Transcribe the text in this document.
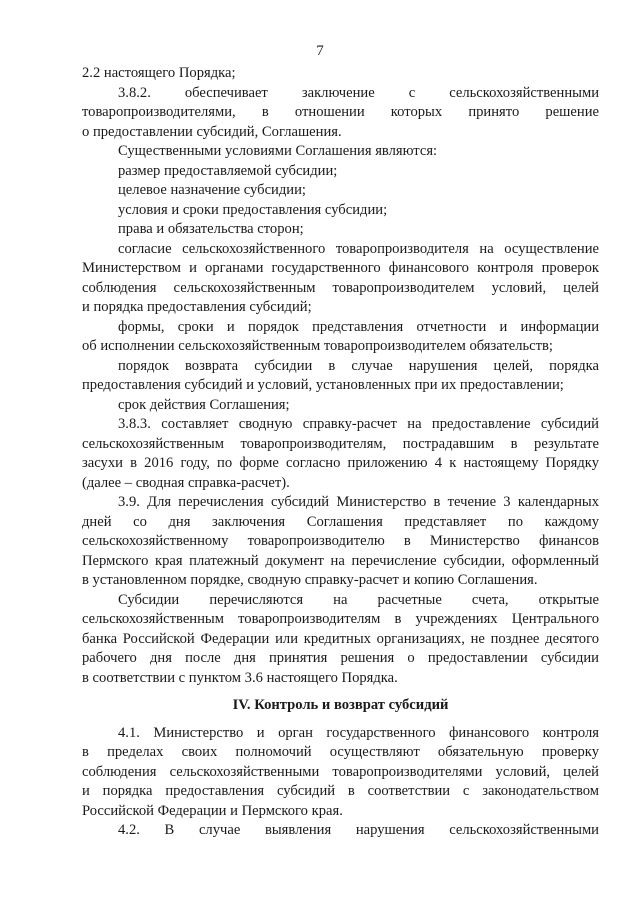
7
2.2 настоящего Порядка;
3.8.2. обеспечивает заключение с сельскохозяйственными
товаропроизводителями, в отношении которых принято решение
о предоставлении субсидий, Соглашения.
Существенными условиями Соглашения являются:
размер предоставляемой субсидии;
целевое назначение субсидии;
условия и сроки предоставления субсидии;
права и обязательства сторон;
согласие сельскохозяйственного товаропроизводителя на осуществление
Министерством и органами государственного финансового контроля проверок
соблюдения сельскохозяйственным товаропроизводителем условий, целей
и порядка предоставления субсидий;
формы, сроки и порядок представления отчетности и информации
об исполнении сельскохозяйственным товаропроизводителем обязательств;
порядок возврата субсидии в случае нарушения целей, порядка
предоставления субсидий и условий, установленных при их предоставлении;
срок действия Соглашения;
3.8.3. составляет сводную справку-расчет на предоставление субсидий
сельскохозяйственным товаропроизводителям, пострадавшим в результате
засухи в 2016 году, по форме согласно приложению 4 к настоящему Порядку
(далее – сводная справка-расчет).
3.9. Для перечисления субсидий Министерство в течение 3 календарных
дней со дня заключения Соглашения представляет по каждому
сельскохозяйственному товаропроизводителю в Министерство финансов
Пермского края платежный документ на перечисление субсидии, оформленный
в установленном порядке, сводную справку-расчет и копию Соглашения.
Субсидии перечисляются на расчетные счета, открытые
сельскохозяйственным товаропроизводителям в учреждениях Центрального
банка Российской Федерации или кредитных организациях, не позднее десятого
рабочего дня после дня принятия решения о предоставлении субсидии
в соответствии с пунктом 3.6 настоящего Порядка.
IV. Контроль и возврат субсидий
4.1. Министерство и орган государственного финансового контроля
в пределах своих полномочий осуществляют обязательную проверку
соблюдения сельскохозяйственными товаропроизводителями условий, целей
и порядка предоставления субсидий в соответствии с законодательством
Российской Федерации и Пермского края.
4.2. В случае выявления нарушения сельскохозяйственными
